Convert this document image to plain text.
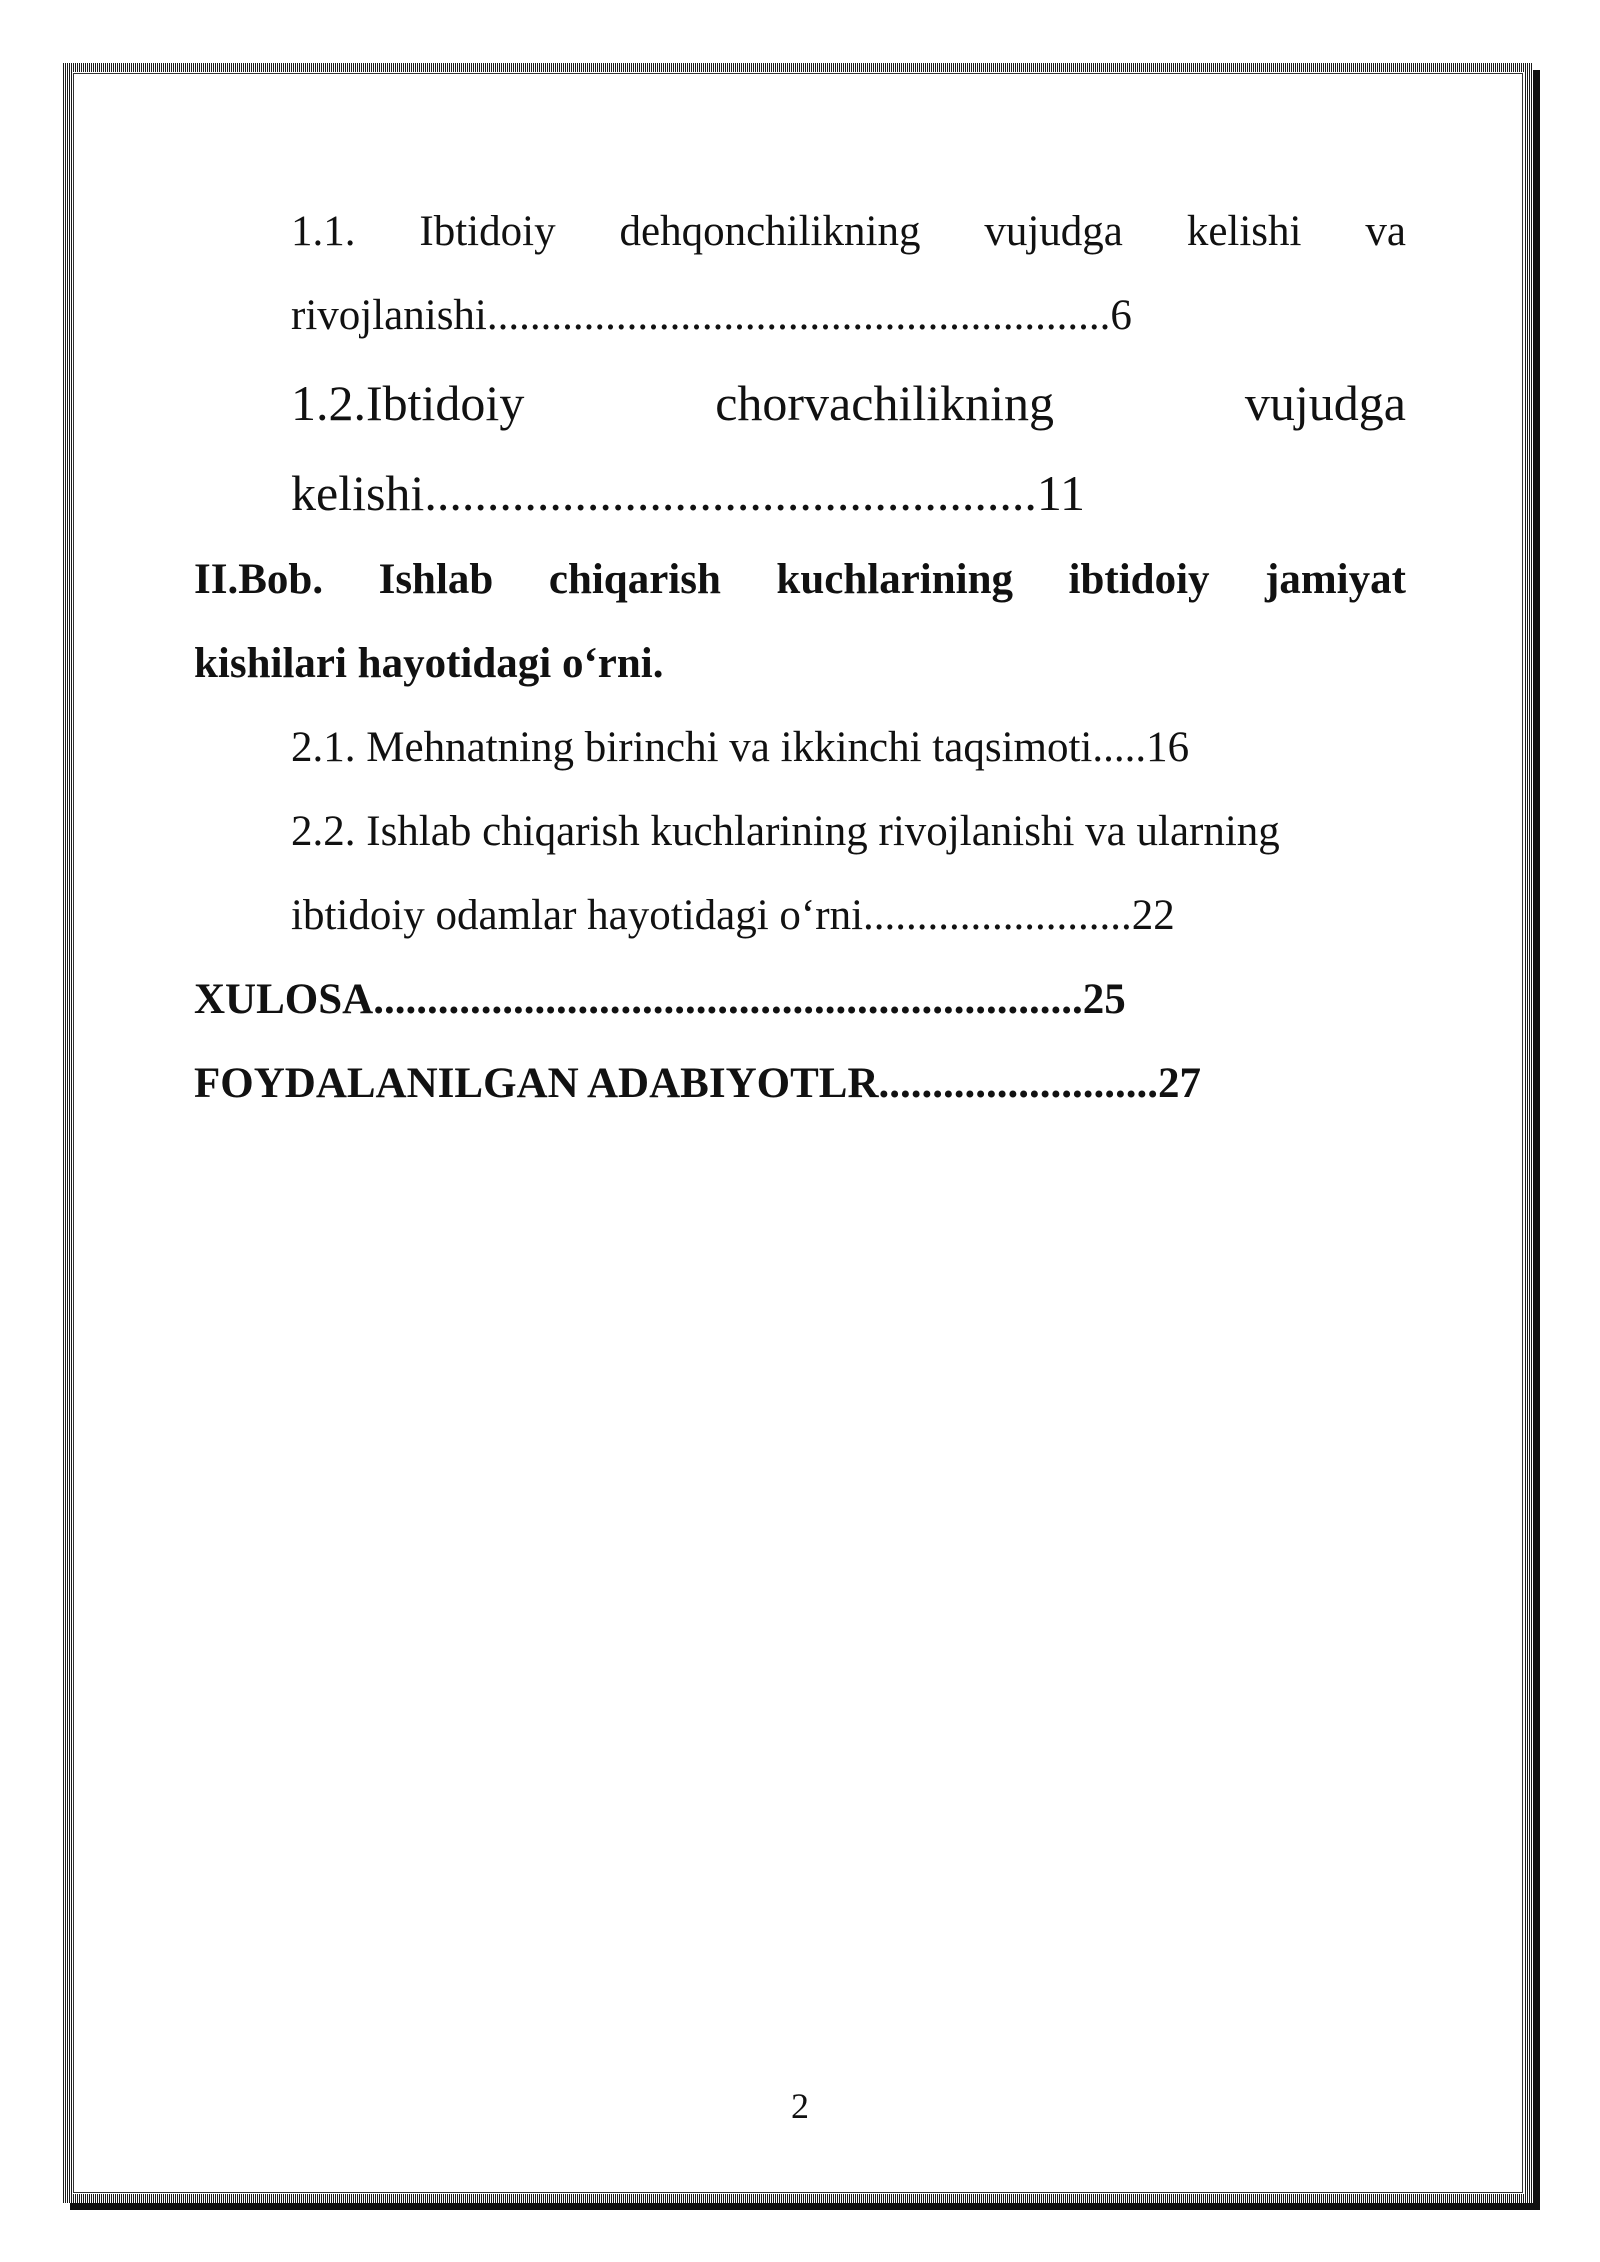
1.1. Ibtidoiy dehqonchilikning vujudga kelishi va
rivojlanishi..........................................................6
1.2.Ibtidoiy	chorvachilikning	vujudga
kelishi.................................................11
II.Bob. Ishlab chiqarish kuchlarining ibtidoiy jamiyat
kishilari hayotidagi o‘rni.
2.1. Mehnatning birinchi va ikkinchi taqsimoti.....16
2.2. Ishlab chiqarish kuchlarining rivojlanishi va ularning
ibtidoiy odamlar hayotidagi o‘rni.........................22
XULOSA..................................................................25
FOYDALANILGAN ADABIYOTLR..........................27
2
